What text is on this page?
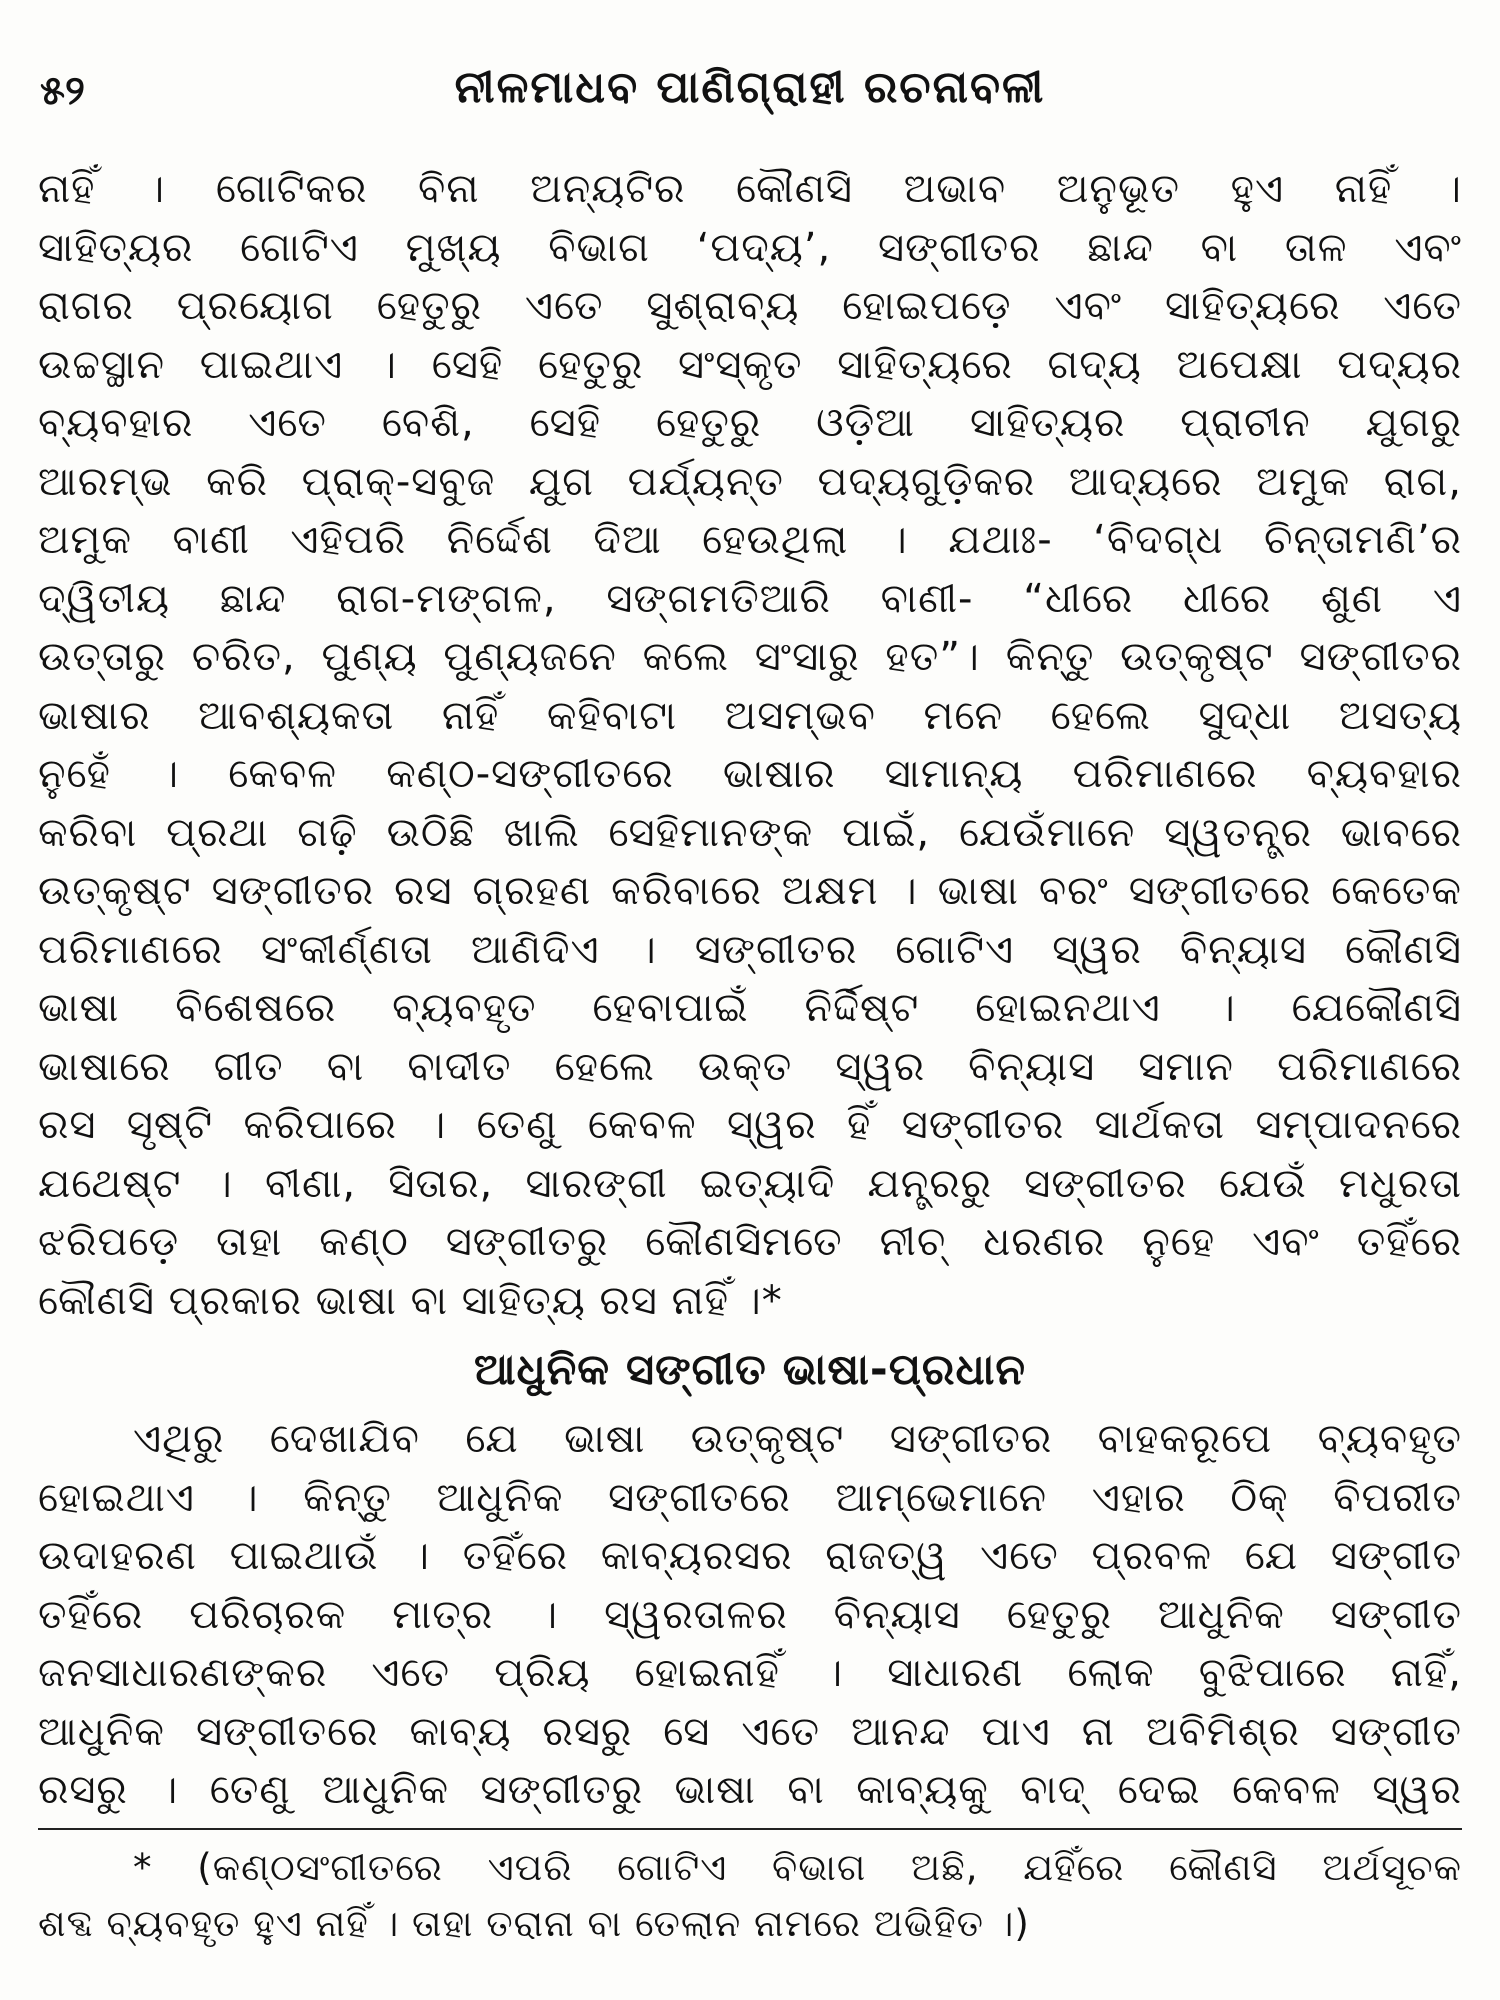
୫୨	ନୀଳମାଧବ ପାଣିଗ୍ରାହୀ ରଚନାବଳୀ
ନାହିଁ । ଗୋଟିକର ବିନା ଅନ୍ୟଟିର କୌଣସି ଅଭାବ ଅନୁଭୂତ ହୁଏ ନାହିଁ ।
ସାହିତ୍ୟର ଗୋଟିଏ ମୁଖ୍ୟ ବିଭାଗ ‘ପଦ୍ୟ’, ସଙ୍ଗୀତର ଛାନ୍ଦ ବା ତାଳ ଏବଂ
ରାଗର ପ୍ରୟୋଗ ହେତୁରୁ ଏତେ ସୁଶ୍ରାବ୍ୟ ହୋଇପଡ଼େ ଏବଂ ସାହିତ୍ୟରେ ଏତେ
ଉଚ୍ଚସ୍ଥାନ ପାଇଥାଏ । ସେହି ହେତୁରୁ ସଂସ୍କୃତ ସାହିତ୍ୟରେ ଗଦ୍ୟ ଅପେକ୍ଷା ପଦ୍ୟର
ବ୍ୟବହାର ଏତେ ବେଶି, ସେହି ହେତୁରୁ ଓଡ଼ିଆ ସାହିତ୍ୟର ପ୍ରାଚୀନ ଯୁଗରୁ
ଆରମ୍ଭ କରି ପ୍ରାକ୍‌-ସବୁଜ ଯୁଗ ପର୍ଯ୍ୟନ୍ତ ପଦ୍ୟଗୁଡ଼ିକର ଆଦ୍ୟରେ ଅମୁକ ରାଗ,
ଅମୁକ ବାଣୀ ଏହିପରି ନିର୍ଦ୍ଦେଶ ଦିଆ ହେଉଥିଲା । ଯଥାଃ- ‘ବିଦଗ୍ଧ ଚିନ୍ତାମଣି’ର
ଦ୍ୱିତୀୟ ଛାନ୍ଦ ରାଗ-ମଙ୍ଗଳ, ସଙ୍ଗମତିଆରି ବାଣୀ- “ଧୀରେ ଧୀରେ ଶୁଣ ଏ
ଉତ୍ତାରୁ ଚରିତ, ପୁଣ୍ୟ ପୁଣ୍ୟଜନେ କଲେ ସଂସାରୁ ହତ”। କିନ୍ତୁ ଉତ୍କୃଷ୍ଟ ସଙ୍ଗୀତର
ଭାଷାର ଆବଶ୍ୟକତା ନାହିଁ କହିବାଟା ଅସମ୍ଭବ ମନେ ହେଲେ ସୁଦ୍ଧା ଅସତ୍ୟ
ନୁହେଁ । କେବଳ କଣ୍ଠ-ସଙ୍ଗୀତରେ ଭାଷାର ସାମାନ୍ୟ ପରିମାଣରେ ବ୍ୟବହାର
କରିବା ପ୍ରଥା ଗଢ଼ି ଉଠିଛି ଖାଲି ସେହିମାନଙ୍କ ପାଇଁ, ଯେଉଁମାନେ ସ୍ୱତନ୍ତ୍ର ଭାବରେ
ଉତ୍କୃଷ୍ଟ ସଙ୍ଗୀତର ରସ ଗ୍ରହଣ କରିବାରେ ଅକ୍ଷମ । ଭାଷା ବରଂ ସଙ୍ଗୀତରେ କେତେକ
ପରିମାଣରେ ସଂକୀର୍ଣ୍ଣତା ଆଣିଦିଏ । ସଙ୍ଗୀତର ଗୋଟିଏ ସ୍ୱର ବିନ୍ୟାସ କୌଣସି
ଭାଷା ବିଶେଷରେ ବ୍ୟବହୃତ ହେବାପାଇଁ ନିର୍ଦ୍ଦିଷ୍ଟ ହୋଇନଥାଏ । ଯେକୌଣସି
ଭାଷାରେ ଗୀତ ବା ବାଦୀତ ହେଲେ ଉକ୍ତ ସ୍ୱର ବିନ୍ୟାସ ସମାନ ପରିମାଣରେ
ରସ ସୃଷ୍ଟି କରିପାରେ । ତେଣୁ କେବଳ ସ୍ୱର ହିଁ ସଙ୍ଗୀତର ସାର୍ଥକତା ସମ୍ପାଦନରେ
ଯଥେଷ୍ଟ । ବୀଣା, ସିତାର, ସାରଙ୍ଗୀ ଇତ୍ୟାଦି ଯନ୍ତ୍ରରୁ ସଙ୍ଗୀତର ଯେଉଁ ମଧୁରତା
ଝରିପଡ଼େ ତାହା କଣ୍ଠ ସଙ୍ଗୀତରୁ କୌଣସିମତେ ନୀଚ୍ ଧରଣର ନୁହେ ଏବଂ ତହିଁରେ
କୌଣସି ପ୍ରକାର ଭାଷା ବା ସାହିତ୍ୟ ରସ ନାହିଁ ।*
ଆଧୁନିକ ସଙ୍ଗୀତ ଭାଷା-ପ୍ରଧାନ
ଏଥିରୁ ଦେଖାଯିବ ଯେ ଭାଷା ଉତ୍କୃଷ୍ଟ ସଙ୍ଗୀତର ବାହକରୂପେ ବ୍ୟବହୃତ
ହୋଇଥାଏ । କିନ୍ତୁ ଆଧୁନିକ ସଙ୍ଗୀତରେ ଆମ୍ଭେମାନେ ଏହାର ଠିକ୍ ବିପରୀତ
ଉଦାହରଣ ପାଇଥାଉଁ । ତହିଁରେ କାବ୍ୟରସର ରାଜତ୍ୱ ଏତେ ପ୍ରବଳ ଯେ ସଙ୍ଗୀତ
ତହିଁରେ ପରିଚାରକ ମାତ୍ର । ସ୍ୱରତାଳର ବିନ୍ୟାସ ହେତୁରୁ ଆଧୁନିକ ସଙ୍ଗୀତ
ଜନସାଧାରଣଙ୍କର ଏତେ ପ୍ରିୟ ହୋଇନାହିଁ । ସାଧାରଣ ଲୋକ ବୁଝିପାରେ ନାହିଁ,
ଆଧୁନିକ ସଙ୍ଗୀତରେ କାବ୍ୟ ରସରୁ ସେ ଏତେ ଆନନ୍ଦ ପାଏ ନା ଅବିମିଶ୍ର ସଙ୍ଗୀତ
ରସରୁ । ତେଣୁ ଆଧୁନିକ ସଙ୍ଗୀତରୁ ଭାଷା ବା କାବ୍ୟକୁ ବାଦ୍ ଦେଇ କେବଳ ସ୍ୱର
* (କଣ୍ଠସଂଗୀତରେ ଏପରି ଗୋଟିଏ ବିଭାଗ ଅଛି, ଯହିଁରେ କୌଣସି ଅର୍ଥସୂଚକ
ଶବ୍ଦ ବ୍ୟବହୃତ ହୁଏ ନାହିଁ । ତାହା ତରାନା ବା ତେଲାନ ନାମରେ ଅଭିହିତ ।)
